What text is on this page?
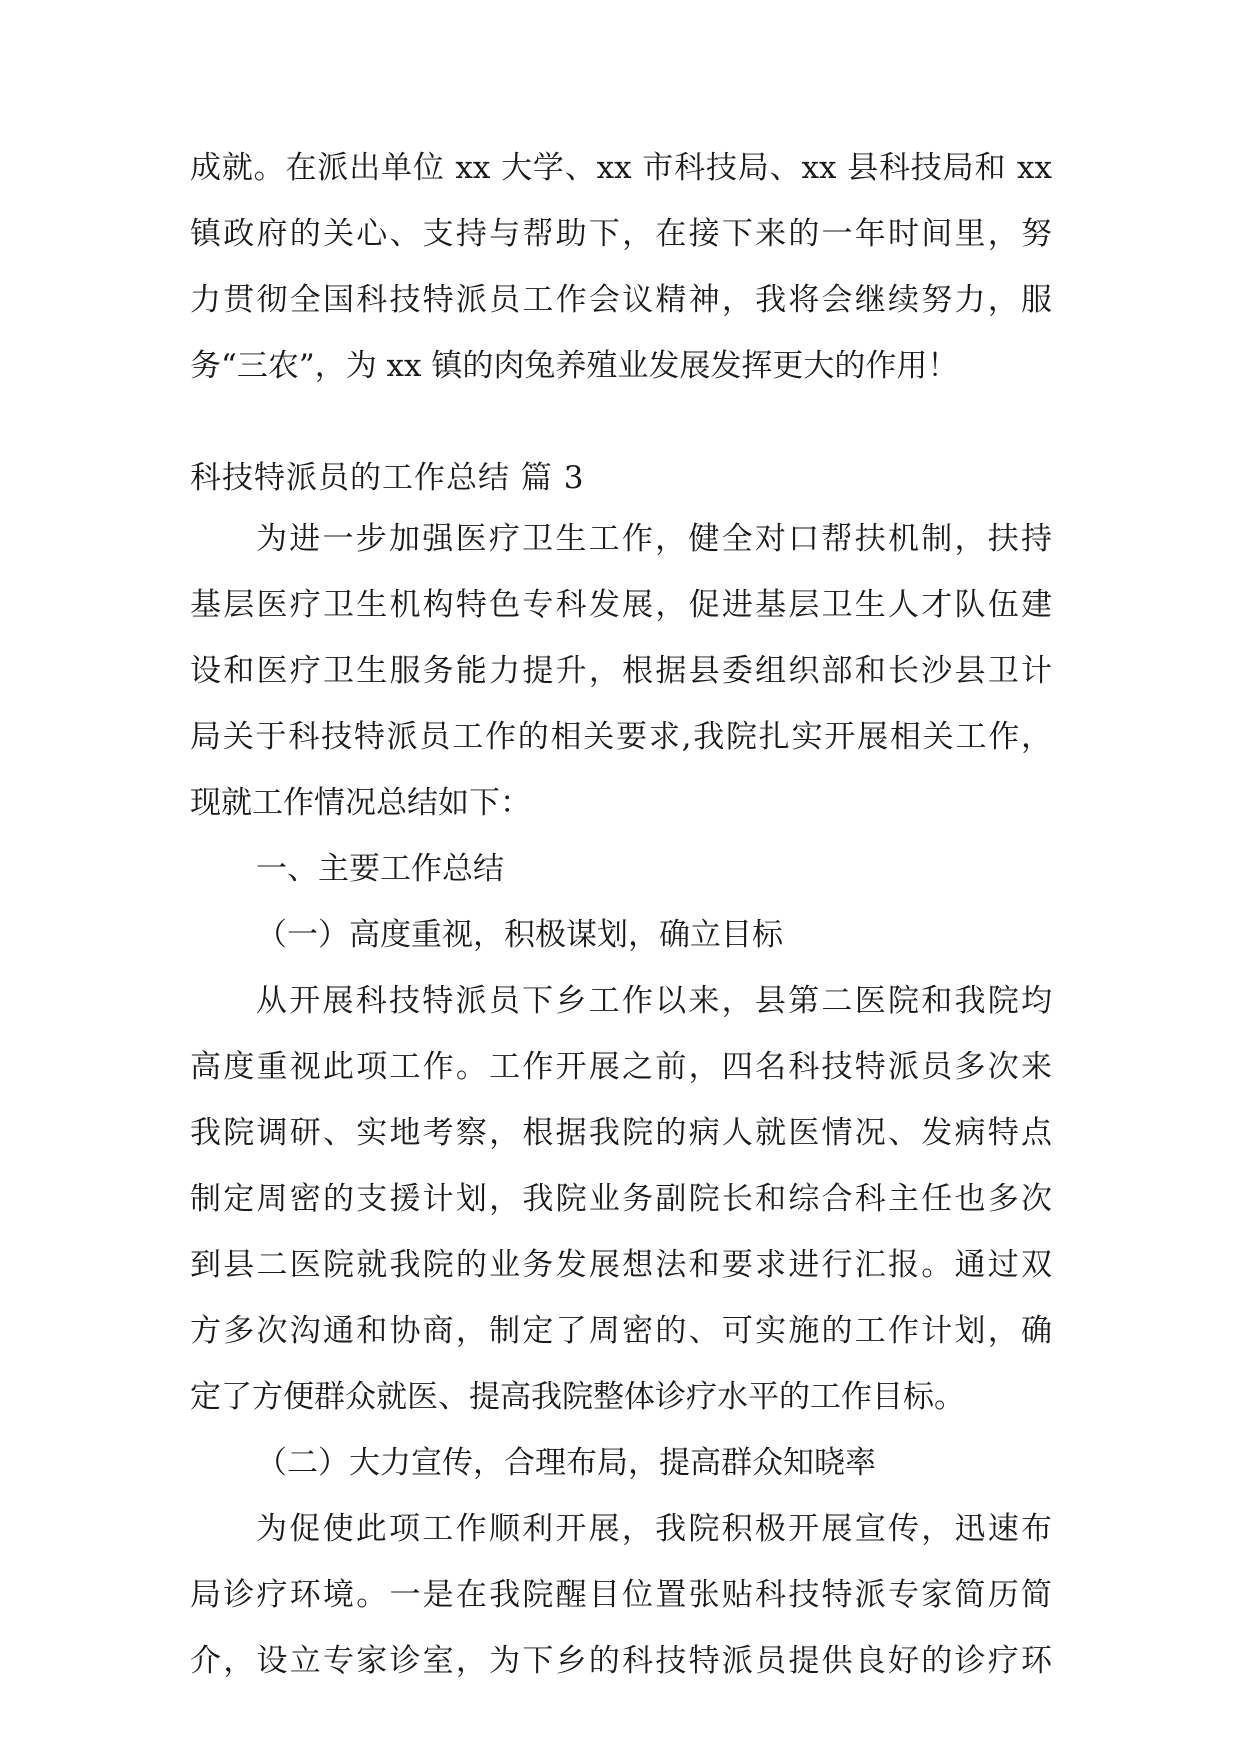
成就。在派出单位 xx 大学、xx 市科技局、xx 县科技局和 xx
镇政府的关心、支持与帮助下，在接下来的一年时间里，努
力贯彻全国科技特派员工作会议精神，我将会继续努力，服
务“三农”，为 xx 镇的肉兔养殖业发展发挥更大的作用！
科技特派员的工作总结 篇 3
为进一步加强医疗卫生工作，健全对口帮扶机制，扶持
基层医疗卫生机构特色专科发展，促进基层卫生人才队伍建
设和医疗卫生服务能力提升，根据县委组织部和长沙县卫计
局关于科技特派员工作的相关要求,我院扎实开展相关工作，
现就工作情况总结如下：
一、主要工作总结
（一）高度重视，积极谋划，确立目标
从开展科技特派员下乡工作以来，县第二医院和我院均
高度重视此项工作。工作开展之前，四名科技特派员多次来
我院调研、实地考察，根据我院的病人就医情况、发病特点
制定周密的支援计划，我院业务副院长和综合科主任也多次
到县二医院就我院的业务发展想法和要求进行汇报。通过双
方多次沟通和协商，制定了周密的、可实施的工作计划，确
定了方便群众就医、提高我院整体诊疗水平的工作目标。
（二）大力宣传，合理布局，提高群众知晓率
为促使此项工作顺利开展，我院积极开展宣传，迅速布
局诊疗环境。一是在我院醒目位置张贴科技特派专家简历简
介，设立专家诊室，为下乡的科技特派员提供良好的诊疗环
